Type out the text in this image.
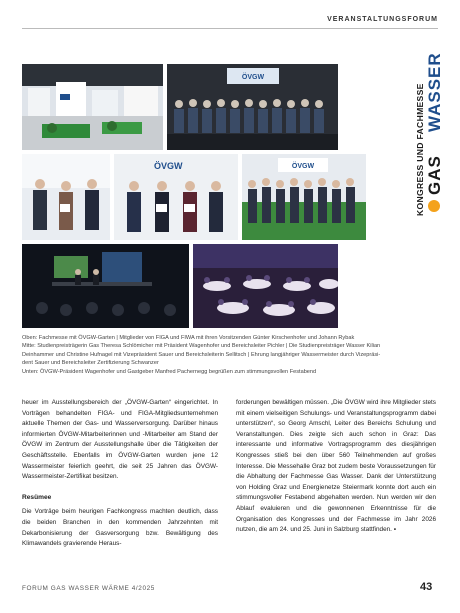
VERANSTALTUNGSFORUM
ÖVGW
KONGRESS UND FACHMESSE WASSER
GAS
ÖVGW	ÖVGW
Oben: Fachmesse mit ÖVGW-Garten | Mitglieder von FIGA und FIWA mit ihren Vorsitzenden Günter Kirschenhofer und Johann Rybak
Mitte: Studienpreisträgerin Gas Theresa Schlömicher mit Präsident Wagenhofer und Bereichsleiter Pichler | Die Studienpreisträger Wasser Kilian
Deinhammer und Christine Hufnagel mit Vizepräsident Sauer und Bereichsleiterin Sellitsch | Ehrung langjähriger Wassermeister durch Vizepräsi-
dent Sauer und Bereichsleiter Zertifizierung Schwanzer
Unten: ÖVGW-Präsident Wagenhofer und Gastgeber Manfred Pachernegg begrüßen zum stimmungsvollen Festabend

heuer im Ausstellungsbereich der „ÖVGW-Garten“ eingerichtet. In Vorträgen behandelten FIGA- und FIGA-Mitgliedsunternehmen aktuelle Themen der Gas- und Wasserversorgung. Darüber hinaus informierten ÖVGW-Mitarbeiterinnen und -Mitarbeiter am Stand der ÖVGW im Zentrum der Ausstellungshalle über die Tätigkeiten der Geschäftsstelle. Ebenfalls im ÖVGW-Garten wurden jene 12 Wassermeister feierlich geehrt, die seit 25 Jahren das ÖVGW-Wassermeister-Zertifikat besitzen.

Resümee

Die Vorträge beim heurigen Fachkongress machten deutlich, dass die beiden Branchen in den kommenden Jahrzehnten mit Dekarbonisierung der Gasversorgung bzw. Bewältigung des Klimawandels gravierende Heraus-

forderungen bewältigen müssen. „Die ÖVGW wird ihre Mitglieder stets mit einem vielseitigen Schulungs- und Veranstaltungsprogramm dabei unterstützen“, so Georg Amschl, Leiter des Bereichs Schulung und Veranstaltungen. Dies zeigte sich auch schon in Graz: Das interessante und informative Vortragsprogramm des diesjährigen Kongresses stieß bei den über 560 Teilnehmenden auf großes Interesse. Die Messehalle Graz bot zudem beste Voraussetzungen für die Abhaltung der Fachmesse Gas Wasser. Dank der Unterstützung von Holding Graz und Energienetze Steiermark konnte dort auch ein stimmungsvoller Festabend abgehalten werden. Nun werden wir den Ablauf evaluieren und die gewonnenen Erkenntnisse für die Organisation des Kongresses und der Fachmesse im Jahr 2026 nutzen, die am 24. und 25. Juni in Salzburg stattfinden. ▪

FORUM GAS WASSER WÄRME 4/2025	43
